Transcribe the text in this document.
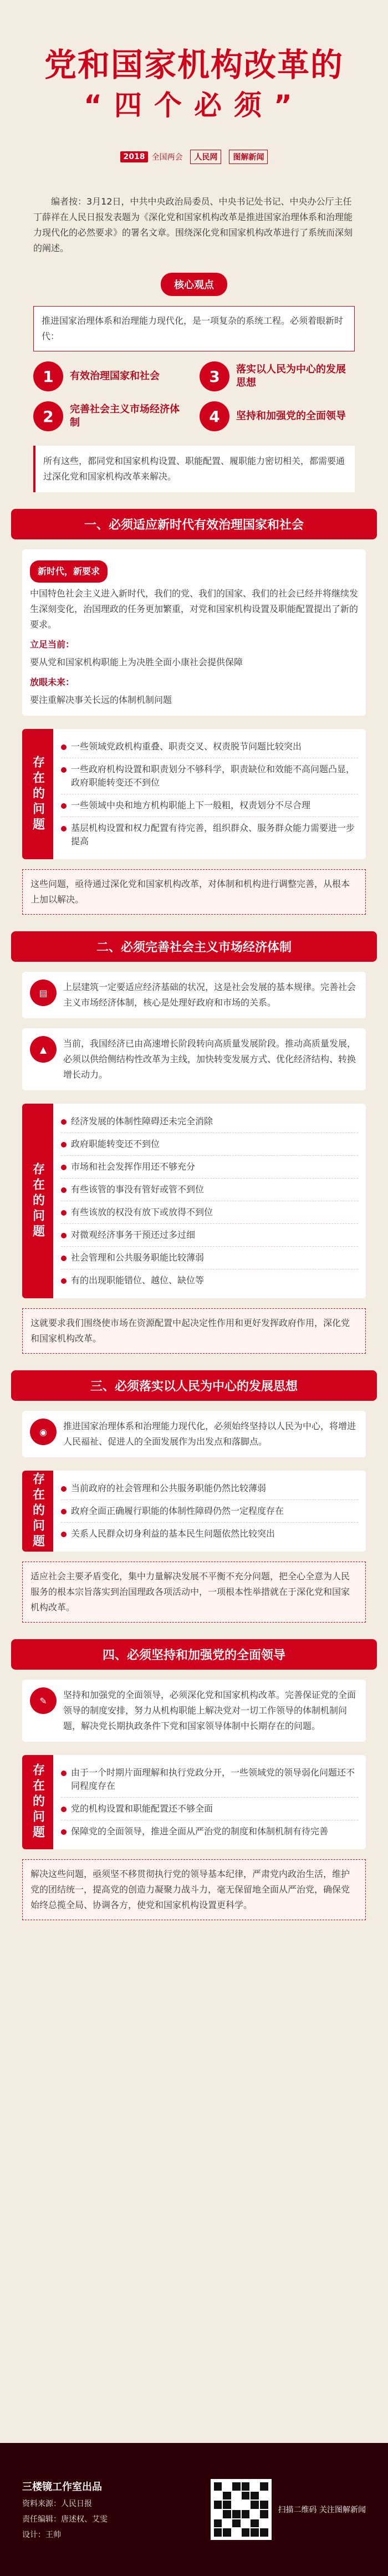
党和国家机构改革的
“四个必须”
2018 全国两会	人民网	图解新闻
编者按：3月12日，中共中央政治局委员、中央书记处书记、中央办公厅主任丁薛祥在人民日报发表题为《深化党和国家机构改革是推进国家治理体系和治理能力现代化的必然要求》的署名文章。围绕深化党和国家机构改革进行了系统而深刻的阐述。
核心观点
推进国家治理体系和治理能力现代化，是一项复杂的系统工程。必须着眼新时代：
1	有效治理国家和社会	3	落实以人民为中心的发展思想
2	完善社会主义市场经济体制	4	坚持和加强党的全面领导
所有这些，都同党和国家机构设置、职能配置、履职能力密切相关，都需要通过深化党和国家机构改革来解决。
一、必须适应新时代有效治理国家和社会
新时代，新要求
中国特色社会主义进入新时代，我们的党、我们的国家、我们的社会已经并将继续发生深刻变化，治国理政的任务更加繁重，对党和国家机构设置及职能配置提出了新的要求。
立足当前：
要从党和国家机构职能上为决胜全面小康社会提供保障
放眼未来：
要注重解决事关长远的体制机制问题
存在的问题
一些领域党政机构重叠、职责交叉、权责脱节问题比较突出
一些政府机构设置和职责划分不够科学，职责缺位和效能不高问题凸显，政府职能转变还不到位
一些领域中央和地方机构职能上下一般粗，权责划分不尽合理
基层机构设置和权力配置有待完善，组织群众、服务群众能力需要进一步提高
这些问题，亟待通过深化党和国家机构改革，对体制和机构进行调整完善，从根本上加以解决。
二、必须完善社会主义市场经济体制
▤
上层建筑一定要适应经济基础的状况，这是社会发展的基本规律。完善社会主义市场经济体制，核心是处理好政府和市场的关系。
▲
当前，我国经济已由高速增长阶段转向高质量发展阶段。推动高质量发展，必须以供给侧结构性改革为主线，加快转变发展方式、优化经济结构、转换增长动力。
存在的问题
经济发展的体制性障碍还未完全消除
政府职能转变还不到位
市场和社会发挥作用还不够充分
有些该管的事没有管好或管不到位
有些该放的权没有放下或放得不到位
对微观经济事务干预还过多过细
社会管理和公共服务职能比较薄弱
有的出现职能错位、越位、缺位等
这就要求我们围绕使市场在资源配置中起决定性作用和更好发挥政府作用，深化党和国家机构改革。
三、必须落实以人民为中心的发展思想
◉
推进国家治理体系和治理能力现代化，必须始终坚持以人民为中心，将增进人民福祉、促进人的全面发展作为出发点和落脚点。
存在的问题	当前政府的社会管理和公共服务职能仍然比较薄弱
政府全面正确履行职能的体制性障碍仍然一定程度存在
关系人民群众切身利益的基本民生问题依然比较突出
适应社会主要矛盾变化，集中力量解决发展不平衡不充分问题，把全心全意为人民服务的根本宗旨落实到治国理政各项活动中，一项根本性举措就在于深化党和国家机构改革。
四、必须坚持和加强党的全面领导
✎
坚持和加强党的全面领导，必须深化党和国家机构改革。完善保证党的全面领导的制度安排，努力从机构职能上解决党对一切工作领导的体制机制问题，解决党长期执政条件下党和国家领导体制中长期存在的问题。
存在的问题	由于一个时期片面理解和执行党政分开，一些领域党的领导弱化问题还不同程度存在
党的机构设置和职能配置还不够全面
保障党的全面领导，推进全面从严治党的制度和体制机制有待完善
解决这些问题，亟须坚不移贯彻执行党的领导基本纪律，严肃党内政治生活，维护党的团结统一，提高党的创造力凝聚力战斗力，毫无保留地全面从严治党，确保党始终总揽全局、协调各方，使党和国家机构设置更科学。
三楼镜工作室出品
资料来源：人民日报
责任编辑：唐述权、艾雯
设计：王帅
扫描二维码 关注图解新闻
